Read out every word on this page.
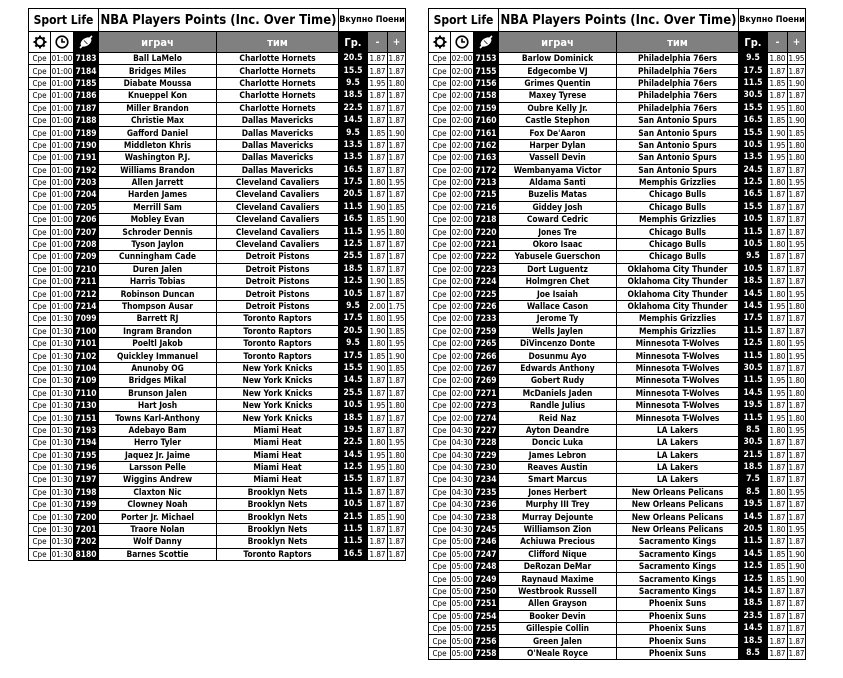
Sport Life			NBA Players Points (Inc. Over Time)		Вкупно Поени		

	играч	тим	Гр.	-	+
Сре	01:00	7183	Ball LaMelo	Charlotte Hornets	20.5	1.87	1.87
Сре	01:00	7184	Bridges Miles	Charlotte Hornets	15.5	1.87	1.87
Сре	01:00	7185	Diabate Moussa	Charlotte Hornets	9.5	1.95	1.80
Сре	01:00	7186	Knueppel Kon	Charlotte Hornets	18.5	1.87	1.87
Сре	01:00	7187	Miller Brandon	Charlotte Hornets	22.5	1.87	1.87
Сре	01:00	7188	Christie Max	Dallas Mavericks	14.5	1.87	1.87
Сре	01:00	7189	Gafford Daniel	Dallas Mavericks	9.5	1.85	1.90
Сре	01:00	7190	Middleton Khris	Dallas Mavericks	13.5	1.87	1.87
Сре	01:00	7191	Washington P.J.	Dallas Mavericks	13.5	1.87	1.87
Сре	01:00	7192	Williams Brandon	Dallas Mavericks	16.5	1.87	1.87
Сре	01:00	7203	Allen Jarrett	Cleveland Cavaliers	17.5	1.80	1.95
Сре	01:00	7204	Harden James	Cleveland Cavaliers	20.5	1.87	1.87
Сре	01:00	7205	Merrill Sam	Cleveland Cavaliers	11.5	1.90	1.85
Сре	01:00	7206	Mobley Evan	Cleveland Cavaliers	16.5	1.85	1.90
Сре	01:00	7207	Schroder Dennis	Cleveland Cavaliers	11.5	1.95	1.80
Сре	01:00	7208	Tyson Jaylon	Cleveland Cavaliers	12.5	1.87	1.87
Сре	01:00	7209	Cunningham Cade	Detroit Pistons	25.5	1.87	1.87
Сре	01:00	7210	Duren Jalen	Detroit Pistons	18.5	1.87	1.87
Сре	01:00	7211	Harris Tobias	Detroit Pistons	12.5	1.90	1.85
Сре	01:00	7212	Robinson Duncan	Detroit Pistons	10.5	1.87	1.87
Сре	01:00	7214	Thompson Ausar	Detroit Pistons	9.5	2.00	1.75
Сре	01:30	7099	Barrett RJ	Toronto Raptors	17.5	1.80	1.95
Сре	01:30	7100	Ingram Brandon	Toronto Raptors	20.5	1.90	1.85
Сре	01:30	7101	Poeltl Jakob	Toronto Raptors	9.5	1.80	1.95
Сре	01:30	7102	Quickley Immanuel	Toronto Raptors	17.5	1.85	1.90
Сре	01:30	7104	Anunoby OG	New York Knicks	15.5	1.90	1.85
Сре	01:30	7109	Bridges Mikal	New York Knicks	14.5	1.87	1.87
Сре	01:30	7110	Brunson Jalen	New York Knicks	25.5	1.87	1.87
Сре	01:30	7130	Hart Josh	New York Knicks	10.5	1.95	1.80
Сре	01:30	7151	Towns Karl-Anthony	New York Knicks	18.5	1.87	1.87
Сре	01:30	7193	Adebayo Bam	Miami Heat	19.5	1.87	1.87
Сре	01:30	7194	Herro Tyler	Miami Heat	22.5	1.80	1.95
Сре	01:30	7195	Jaquez Jr. Jaime	Miami Heat	14.5	1.95	1.80
Сре	01:30	7196	Larsson Pelle	Miami Heat	12.5	1.95	1.80
Сре	01:30	7197	Wiggins Andrew	Miami Heat	15.5	1.87	1.87
Сре	01:30	7198	Claxton Nic	Brooklyn Nets	11.5	1.87	1.87
Сре	01:30	7199	Clowney Noah	Brooklyn Nets	10.5	1.87	1.87
Сре	01:30	7200	Porter Jr. Michael	Brooklyn Nets	21.5	1.85	1.90
Сре	01:30	7201	Traore Nolan	Brooklyn Nets	11.5	1.87	1.87
Сре	01:30	7202	Wolf Danny	Brooklyn Nets	11.5	1.87	1.87
Сре	01:30	8180	Barnes Scottie	Toronto Raptors	16.5	1.87	1.87
Sport Life			NBA Players Points (Inc. Over Time)		Вкупно Поени		

	играч	тим	Гр.	-	+
Сре	02:00	7153	Barlow Dominick	Philadelphia 76ers	9.5	1.80	1.95
Сре	02:00	7155	Edgecombe VJ	Philadelphia 76ers	17.5	1.87	1.87
Сре	02:00	7156	Grimes Quentin	Philadelphia 76ers	11.5	1.85	1.90
Сре	02:00	7158	Maxey Tyrese	Philadelphia 76ers	30.5	1.87	1.87
Сре	02:00	7159	Oubre Kelly Jr.	Philadelphia 76ers	15.5	1.95	1.80
Сре	02:00	7160	Castle Stephon	San Antonio Spurs	16.5	1.85	1.90
Сре	02:00	7161	Fox De'Aaron	San Antonio Spurs	15.5	1.90	1.85
Сре	02:00	7162	Harper Dylan	San Antonio Spurs	10.5	1.95	1.80
Сре	02:00	7163	Vassell Devin	San Antonio Spurs	13.5	1.95	1.80
Сре	02:00	7172	Wembanyama Victor	San Antonio Spurs	24.5	1.87	1.87
Сре	02:00	7213	Aldama Santi	Memphis Grizzlies	12.5	1.80	1.95
Сре	02:00	7215	Buzelis Matas	Chicago Bulls	16.5	1.87	1.87
Сре	02:00	7216	Giddey Josh	Chicago Bulls	15.5	1.87	1.87
Сре	02:00	7218	Coward Cedric	Memphis Grizzlies	10.5	1.87	1.87
Сре	02:00	7220	Jones Tre	Chicago Bulls	11.5	1.87	1.87
Сре	02:00	7221	Okoro Isaac	Chicago Bulls	10.5	1.80	1.95
Сре	02:00	7222	Yabusele Guerschon	Chicago Bulls	9.5	1.87	1.87
Сре	02:00	7223	Dort Luguentz	Oklahoma City Thunder	10.5	1.87	1.87
Сре	02:00	7224	Holmgren Chet	Oklahoma City Thunder	18.5	1.87	1.87
Сре	02:00	7225	Joe Isaiah	Oklahoma City Thunder	14.5	1.80	1.95
Сре	02:00	7226	Wallace Cason	Oklahoma City Thunder	14.5	1.95	1.80
Сре	02:00	7233	Jerome Ty	Memphis Grizzlies	17.5	1.87	1.87
Сре	02:00	7259	Wells Jaylen	Memphis Grizzlies	11.5	1.87	1.87
Сре	02:00	7265	DiVincenzo Donte	Minnesota T-Wolves	12.5	1.80	1.95
Сре	02:00	7266	Dosunmu Ayo	Minnesota T-Wolves	11.5	1.80	1.95
Сре	02:00	7267	Edwards Anthony	Minnesota T-Wolves	30.5	1.87	1.87
Сре	02:00	7269	Gobert Rudy	Minnesota T-Wolves	11.5	1.95	1.80
Сре	02:00	7271	McDaniels Jaden	Minnesota T-Wolves	14.5	1.95	1.80
Сре	02:00	7273	Randle Julius	Minnesota T-Wolves	19.5	1.87	1.87
Сре	02:00	7274	Reid Naz	Minnesota T-Wolves	11.5	1.95	1.80
Сре	04:30	7227	Ayton Deandre	LA Lakers	8.5	1.80	1.95
Сре	04:30	7228	Doncic Luka	LA Lakers	30.5	1.87	1.87
Сре	04:30	7229	James Lebron	LA Lakers	21.5	1.87	1.87
Сре	04:30	7230	Reaves Austin	LA Lakers	18.5	1.87	1.87
Сре	04:30	7234	Smart Marcus	LA Lakers	7.5	1.87	1.87
Сре	04:30	7235	Jones Herbert	New Orleans Pelicans	8.5	1.80	1.95
Сре	04:30	7236	Murphy III Trey	New Orleans Pelicans	19.5	1.87	1.87
Сре	04:30	7238	Murray Dejounte	New Orleans Pelicans	14.5	1.87	1.87
Сре	04:30	7245	Williamson Zion	New Orleans Pelicans	20.5	1.80	1.95
Сре	05:00	7246	Achiuwa Precious	Sacramento Kings	11.5	1.87	1.87
Сре	05:00	7247	Clifford Nique	Sacramento Kings	14.5	1.85	1.90
Сре	05:00	7248	DeRozan DeMar	Sacramento Kings	12.5	1.85	1.90
Сре	05:00	7249	Raynaud Maxime	Sacramento Kings	12.5	1.85	1.90
Сре	05:00	7250	Westbrook Russell	Sacramento Kings	14.5	1.87	1.87
Сре	05:00	7251	Allen Grayson	Phoenix Suns	18.5	1.87	1.87
Сре	05:00	7254	Booker Devin	Phoenix Suns	23.5	1.87	1.87
Сре	05:00	7255	Gillespie Collin	Phoenix Suns	14.5	1.87	1.87
Сре	05:00	7256	Green Jalen	Phoenix Suns	18.5	1.87	1.87
Сре	05:00	7258	O'Neale Royce	Phoenix Suns	8.5	1.87	1.87
